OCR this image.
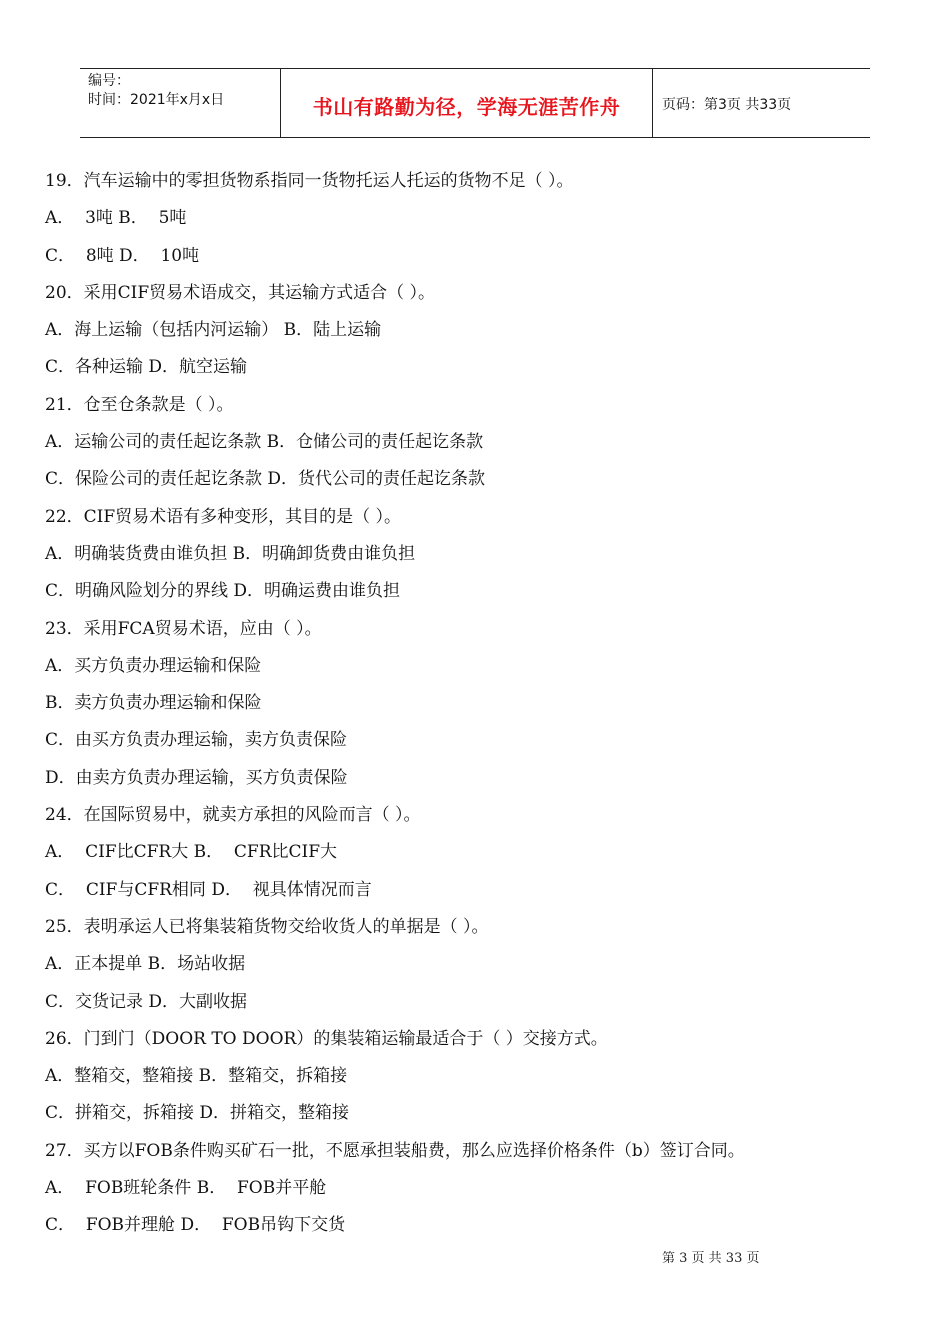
编号：
时间：2021年x月x日	书山有路勤为径，学海无涯苦作舟	页码：第3页 共33页
19．汽车运输中的零担货物系指同一货物托运人托运的货物不足（ ）。
A．  3吨 B．  5吨
C．  8吨 D．  10吨
20．采用CIF贸易术语成交，其运输方式适合（ ）。
A．海上运输（包括内河运输） B．陆上运输
C．各种运输 D．航空运输
21．仓至仓条款是（ ）。
A．运输公司的责任起讫条款 B．仓储公司的责任起讫条款
C．保险公司的责任起讫条款 D．货代公司的责任起讫条款
22．CIF贸易术语有多种变形，其目的是（ ）。
A．明确装货费由谁负担 B．明确卸货费由谁负担
C．明确风险划分的界线 D．明确运费由谁负担
23．采用FCA贸易术语，应由（ ）。
A．买方负责办理运输和保险
B．卖方负责办理运输和保险
C．由买方负责办理运输，卖方负责保险
D．由卖方负责办理运输，买方负责保险
24．在国际贸易中，就卖方承担的风险而言（ ）。
A．  CIF比CFR大 B．  CFR比CIF大
C．  CIF与CFR相同 D．  视具体情况而言
25．表明承运人已将集装箱货物交给收货人的单据是（ ）。
A．正本提单 B．场站收据
C．交货记录 D．大副收据
26．门到门（DOOR TO DOOR）的集装箱运输最适合于（ ）交接方式。
A．整箱交，整箱接 B．整箱交，拆箱接
C．拼箱交，拆箱接 D．拼箱交，整箱接
27．买方以FOB条件购买矿石一批，不愿承担装船费，那么应选择价格条件（b）签订合同。
A．  FOB班轮条件 B．  FOB并平舱
C．  FOB并理舱 D．  FOB吊钩下交货
第 3 页 共 33 页
